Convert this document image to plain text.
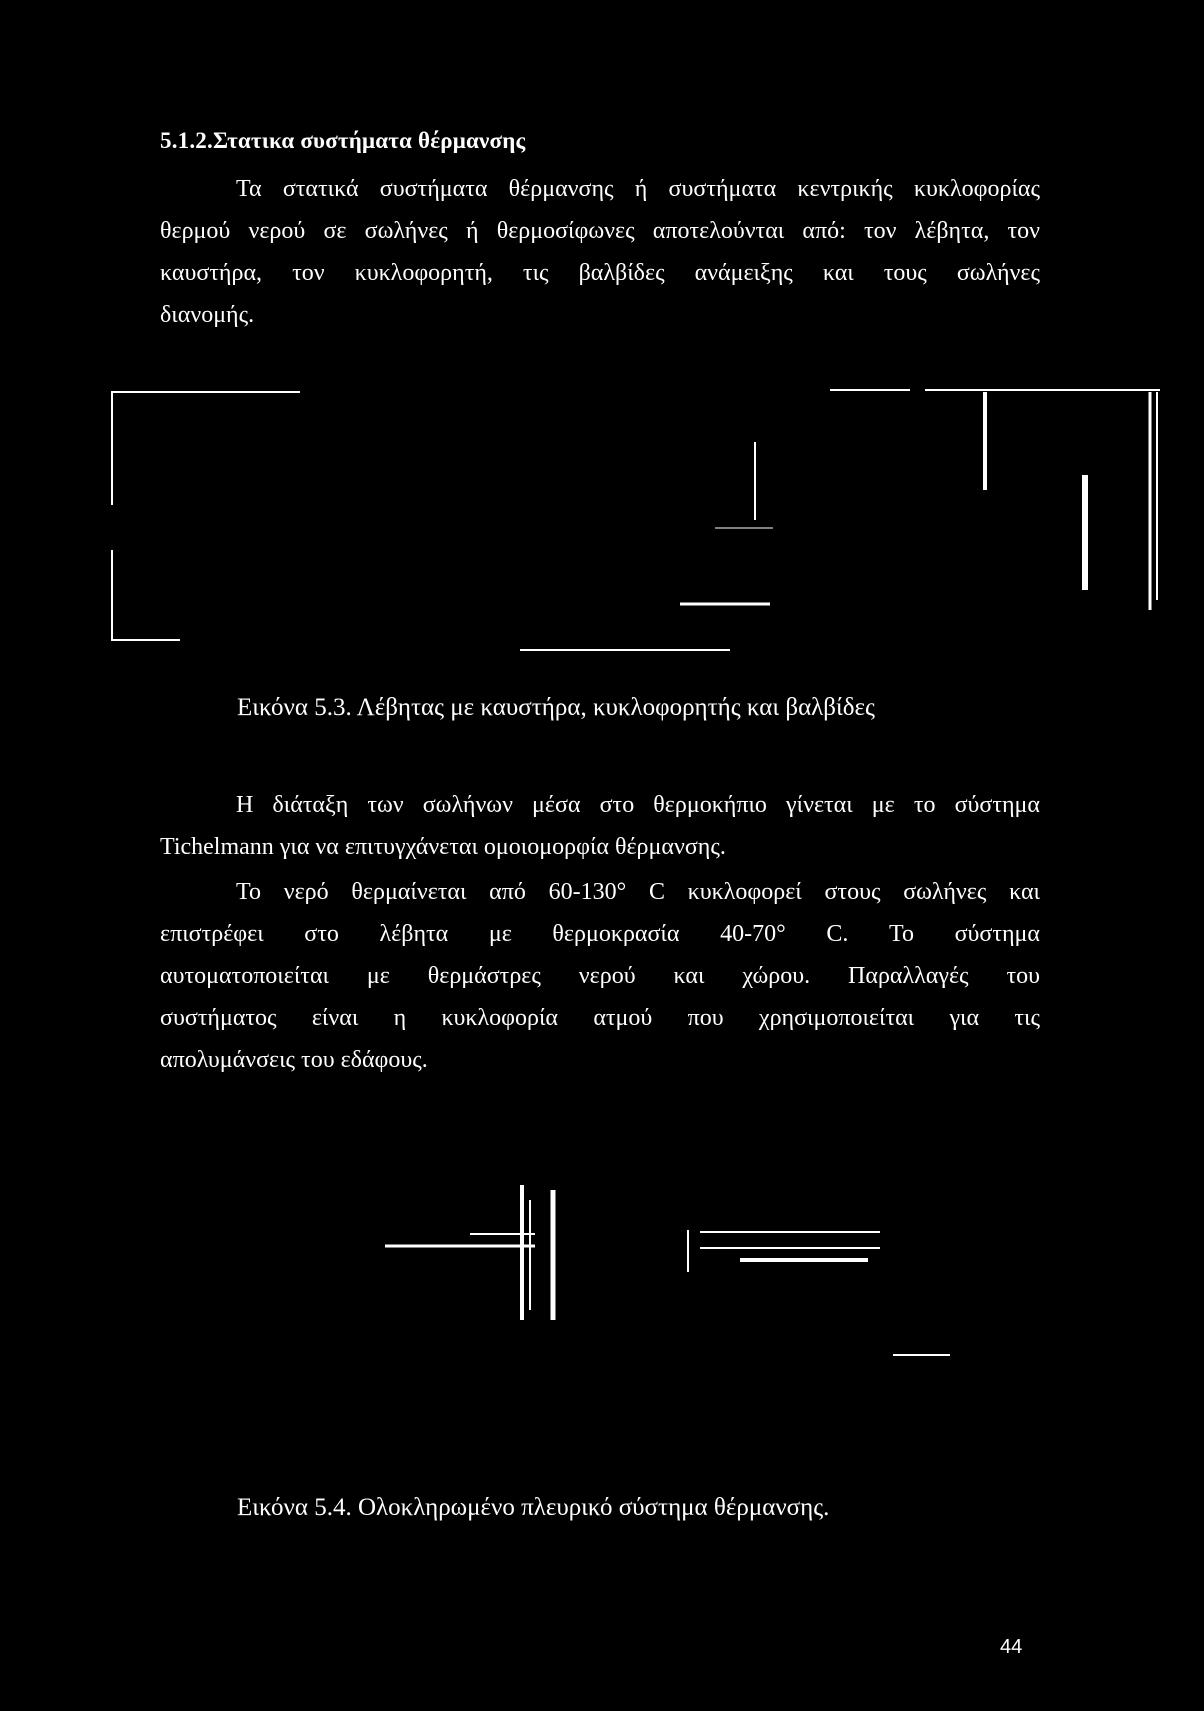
5.1.2.Στατικα συστήματα θέρμανσης
Τα στατικά συστήματα θέρμανσης ή συστήματα κεντρικής κυκλοφορίας
θερμού νερού σε σωλήνες ή θερμοσίφωνες αποτελούνται από: τον λέβητα, τον
καυστήρα, τον κυκλοφορητή, τις βαλβίδες ανάμειξης και τους σωλήνες
διανομής.
Εικόνα 5.3. Λέβητας με καυστήρα, κυκλοφορητής και βαλβίδες
Η διάταξη των σωλήνων μέσα στο θερμοκήπιο γίνεται με το σύστημα
Tichelmann για να επιτυγχάνεται ομοιομορφία θέρμανσης.
Το νερό θερμαίνεται από 60-130° C κυκλοφορεί στους σωλήνες και
επιστρέφει στο λέβητα με θερμοκρασία 40-70° C. Το σύστημα
αυτοματοποιείται με θερμάστρες νερού και χώρου. Παραλλαγές του
συστήματος είναι η κυκλοφορία ατμού που χρησιμοποιείται για τις
απολυμάνσεις του εδάφους.
Εικόνα 5.4. Ολοκληρωμένο πλευρικό σύστημα θέρμανσης.
44
